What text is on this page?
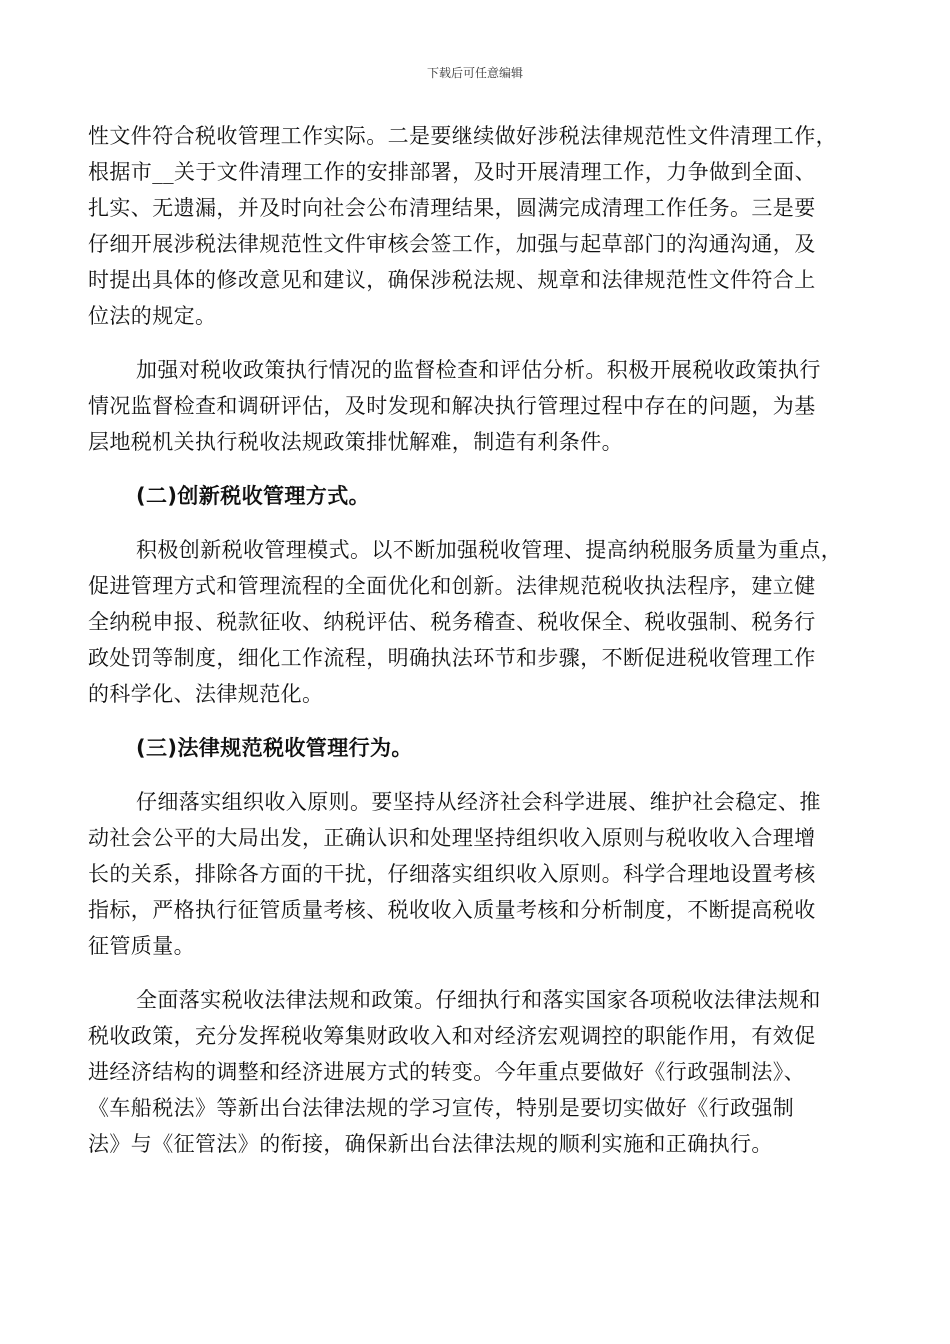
下载后可任意编辑
性文件符合税收管理工作实际。二是要继续做好涉税法律规范性文件清理工作，
根据市__关于文件清理工作的安排部署，及时开展清理工作，力争做到全面、
扎实、无遗漏，并及时向社会公布清理结果，圆满完成清理工作任务。三是要
仔细开展涉税法律规范性文件审核会签工作，加强与起草部门的沟通沟通，及
时提出具体的修改意见和建议，确保涉税法规、规章和法律规范性文件符合上
位法的规定。
加强对税收政策执行情况的监督检查和评估分析。积极开展税收政策执行
情况监督检查和调研评估，及时发现和解决执行管理过程中存在的问题，为基
层地税机关执行税收法规政策排忧解难，制造有利条件。
(二)创新税收管理方式。
积极创新税收管理模式。以不断加强税收管理、提高纳税服务质量为重点，
促进管理方式和管理流程的全面优化和创新。法律规范税收执法程序，建立健
全纳税申报、税款征收、纳税评估、税务稽查、税收保全、税收强制、税务行
政处罚等制度，细化工作流程，明确执法环节和步骤，不断促进税收管理工作
的科学化、法律规范化。
(三)法律规范税收管理行为。
仔细落实组织收入原则。要坚持从经济社会科学进展、维护社会稳定、推
动社会公平的大局出发，正确认识和处理坚持组织收入原则与税收收入合理增
长的关系，排除各方面的干扰，仔细落实组织收入原则。科学合理地设置考核
指标，严格执行征管质量考核、税收收入质量考核和分析制度，不断提高税收
征管质量。
全面落实税收法律法规和政策。仔细执行和落实国家各项税收法律法规和
税收政策，充分发挥税收筹集财政收入和对经济宏观调控的职能作用，有效促
进经济结构的调整和经济进展方式的转变。今年重点要做好《行政强制法》、
《车船税法》等新出台法律法规的学习宣传，特别是要切实做好《行政强制
法》与《征管法》的衔接，确保新出台法律法规的顺利实施和正确执行。
